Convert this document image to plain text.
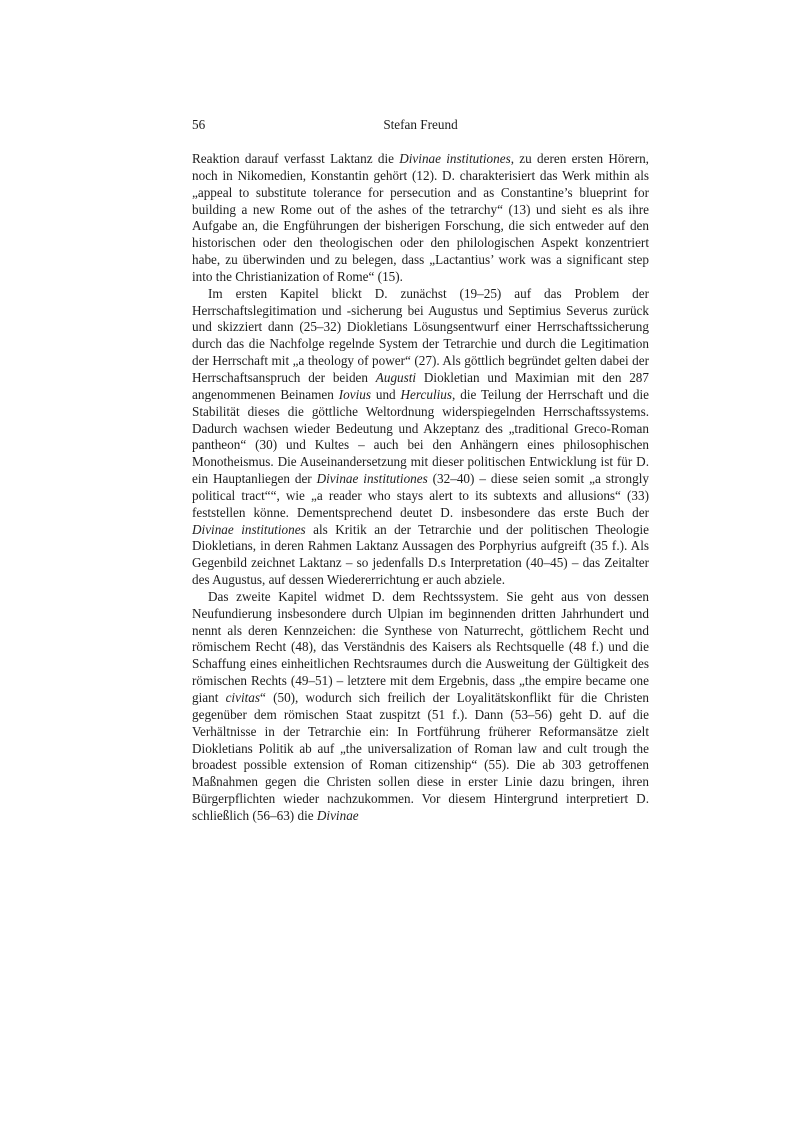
56	Stefan Freund

Reaktion darauf verfasst Laktanz die Divinae institutiones, zu deren ersten Hörern, noch in Nikomedien, Konstantin gehört (12). D. charakterisiert das Werk mithin als „appeal to substitute tolerance for persecution and as Constantine’s blueprint for building a new Rome out of the ashes of the tetrarchy“ (13) und sieht es als ihre Aufgabe an, die Engführungen der bisherigen Forschung, die sich entweder auf den historischen oder den theologischen oder den philologischen Aspekt konzentriert habe, zu überwinden und zu belegen, dass „Lactantius’ work was a significant step into the Christianization of Rome“ (15).

Im ersten Kapitel blickt D. zunächst (19–25) auf das Problem der Herrschaftslegitimation und -sicherung bei Augustus und Septimius Severus zurück und skizziert dann (25–32) Diokletians Lösungsentwurf einer Herrschaftssicherung durch das die Nachfolge regelnde System der Tetrarchie und durch die Legitimation der Herrschaft mit „a theology of power“ (27). Als göttlich begründet gelten dabei der Herrschaftsanspruch der beiden Augusti Diokletian und Maximian mit den 287 angenommenen Beinamen Iovius und Herculius, die Teilung der Herrschaft und die Stabilität dieses die göttliche Weltordnung widerspiegelnden Herrschaftssystems. Dadurch wachsen wieder Bedeutung und Akzeptanz des „traditional Greco-Roman pantheon“ (30) und Kultes – auch bei den Anhängern eines philosophischen Monotheismus. Die Auseinandersetzung mit dieser politischen Entwicklung ist für D. ein Hauptanliegen der Divinae institutiones (32–40) – diese seien somit „a strongly political tract““, wie „a reader who stays alert to its subtexts and allusions“ (33) feststellen könne. Dementsprechend deutet D. insbesondere das erste Buch der Divinae institutiones als Kritik an der Tetrarchie und der politischen Theologie Diokletians, in deren Rahmen Laktanz Aussagen des Porphyrius aufgreift (35 f.). Als Gegenbild zeichnet Laktanz – so jedenfalls D.s Interpretation (40–45) – das Zeitalter des Augustus, auf dessen Wiedererrichtung er auch abziele.

Das zweite Kapitel widmet D. dem Rechtssystem. Sie geht aus von dessen Neufundierung insbesondere durch Ulpian im beginnenden dritten Jahrhundert und nennt als deren Kennzeichen: die Synthese von Naturrecht, göttlichem Recht und römischem Recht (48), das Verständnis des Kaisers als Rechtsquelle (48 f.) und die Schaffung eines einheitlichen Rechtsraumes durch die Ausweitung der Gültigkeit des römischen Rechts (49–51) – letztere mit dem Ergebnis, dass „the empire became one giant civitas“ (50), wodurch sich freilich der Loyalitätskonflikt für die Christen gegenüber dem römischen Staat zuspitzt (51 f.). Dann (53–56) geht D. auf die Verhältnisse in der Tetrarchie ein: In Fortführung früherer Reformansätze zielt Diokletians Politik ab auf „the universalization of Roman law and cult trough the broadest possible extension of Roman citizenship“ (55). Die ab 303 getroffenen Maßnahmen gegen die Christen sollen diese in erster Linie dazu bringen, ihren Bürgerpflichten wieder nachzukommen. Vor diesem Hintergrund interpretiert D. schließlich (56–63) die Divinae
